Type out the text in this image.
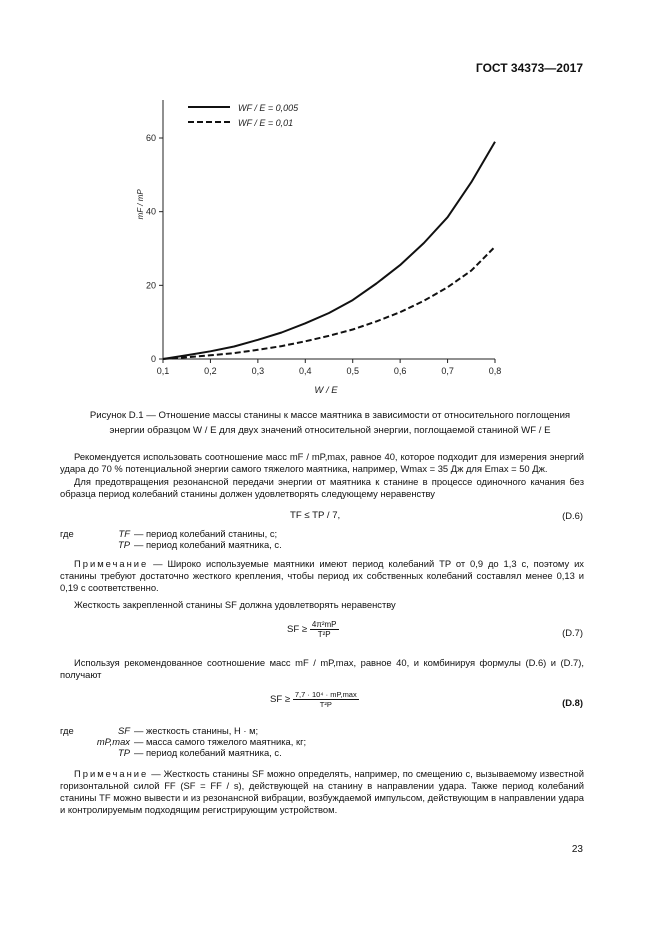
ГОСТ 34373—2017
0,1	0,2	0,3	0,4	0,5	0,6	0,7	0,8
0
20
40
60
W / E
mF / mP
WF / E = 0,005
WF / E = 0,01
Рисунок D.1 — Отношение массы станины к массе маятника в зависимости от относительного поглощения
энергии образцом W / E для двух значений относительной энергии, поглощаемой станиной WF / E

Рекомендуется использовать соотношение масс mF / mP,max, равное 40, которое подходит для измерения энергий удара до 70 % потенциальной энергии самого тяжелого маятника, например, Wmax = 35 Дж для Emax = 50 Дж.

Для предотвращения резонансной передачи энергии от маятника к станине в процессе одиночного качания без образца период колебаний станины должен удовлетворять следующему неравенству

TF ≤ TP / 7,	(D.6)
где	TF — период колебаний станины, с;
TP — период колебаний маятника, с.

Примечание — Широко используемые маятники имеют период колебаний TP от 0,9 до 1,3 с, поэтому их станины требуют достаточно жесткого крепления, чтобы период их собственных колебаний составлял менее 0,13 и 0,19 с соответственно.

Жесткость закрепленной станины SF должна удовлетворять неравенству

SF ≥ $\frac{\text{4π²mP}}{\text{T²P}}$	(D.7)

Используя рекомендованное соотношение масс mF / mP,max, равное 40, и комбинируя формулы (D.6) и (D.7), получают

SF ≥ 7,7 · 10⁴ · mP,max
T²P	(D.8)
где	SF — жесткость станины, Н · м;
mP,max — масса самого тяжелого маятника, кг;
TP — период колебаний маятника, с.

Примечание — Жесткость станины SF можно определять, например, по смещению c, вызываемому известной горизонтальной силой FF (SF = FF / s), действующей на станину в направлении удара. Также период колебаний станины TF можно вывести и из резонансной вибрации, возбуждаемой импульсом, действующим в направлении удара и контролируемым подходящим регистрирующим устройством.

23
